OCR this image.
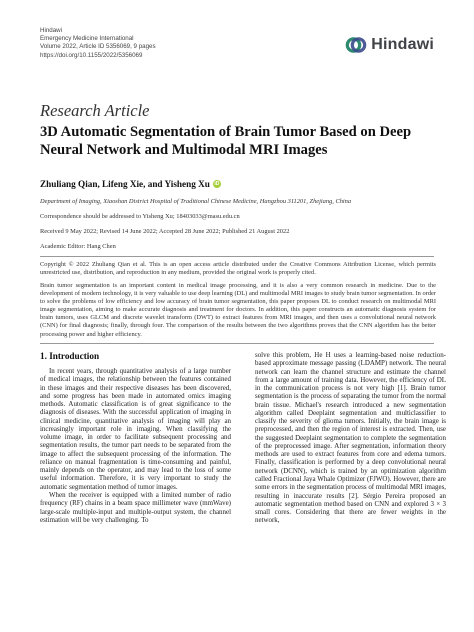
Hindawi
Emergency Medicine International
Volume 2022, Article ID 5356069, 9 pages
https://doi.org/10.1155/2022/5356069
Hindawi
Research Article
3D Automatic Segmentation of Brain Tumor Based on Deep Neural Network and Multimodal MRI Images
Zhuliang Qian, Lifeng Xie, and Yisheng Xu iD
Department of Imaging, Xiaoshan District Hospital of Traditional Chinese Medicine, Hangzhou 311201, Zhejiang, China
Correspondence should be addressed to Yisheng Xu; 18403033@masu.edu.cn
Received 9 May 2022; Revised 14 June 2022; Accepted 28 June 2022; Published 21 August 2022
Academic Editor: Hang Chen
Copyright © 2022 Zhuliang Qian et al. This is an open access article distributed under the Creative Commons Attribution License, which permits unrestricted use, distribution, and reproduction in any medium, provided the original work is properly cited.
Brain tumor segmentation is an important content in medical image processing, and it is also a very common research in medicine. Due to the development of modern technology, it is very valuable to use deep learning (DL) and multimodal MRI images to study brain tumor segmentation. In order to solve the problems of low efficiency and low accuracy of brain tumor segmentation, this paper proposes DL to conduct research on multimodal MRI image segmentation, aiming to make accurate diagnosis and treatment for doctors. In addition, this paper constructs an automatic diagnosis system for brain tumors, uses GLCM and discrete wavelet transform (DWT) to extract features from MRI images, and then uses a convolutional neural network (CNN) for final diagnosis; finally, through four. The comparison of the results between the two algorithms proves that the CNN algorithm has the better processing power and higher efficiency.
1. Introduction

In recent years, through quantitative analysis of a large number of medical images, the relationship between the features contained in these images and their respective diseases has been discovered, and some progress has been made in automated omics imaging methods. Automatic classification is of great significance to the diagnosis of diseases. With the successful application of imaging in clinical medicine, quantitative analysis of imaging will play an increasingly important role in imaging. When classifying the volume image, in order to facilitate subsequent processing and segmentation results, the tumor part needs to be separated from the image to affect the subsequent processing of the information. The reliance on manual fragmentation is time-consuming and painful, mainly depends on the operator, and may lead to the loss of some useful information. Therefore, it is very important to study the automatic segmentation method of tumor images.

When the receiver is equipped with a limited number of radio frequency (RF) chains in a beam space millimeter wave (mmWave) large-scale multiple-input and multiple-output system, the channel estimation will be very challenging. To

solve this problem, He H uses a learning-based noise reduction-based approximate message passing (LDAMP) network. The neural network can learn the channel structure and estimate the channel from a large amount of training data. However, the efficiency of DL in the communication process is not very high [1]. Brain tumor segmentation is the process of separating the tumor from the normal brain tissue. Michael's research introduced a new segmentation algorithm called Deeplaint segmentation and multiclassifier to classify the severity of glioma tumors. Initially, the brain image is preprocessed, and then the region of interest is extracted. Then, use the suggested Deeplaint segmentation to complete the segmentation of the preprocessed image. After segmentation, information theory methods are used to extract features from core and edema tumors. Finally, classification is performed by a deep convolutional neural network (DCNN), which is trained by an optimization algorithm called Fractional Jaya Whale Optimizer (FJWO). However, there are some errors in the segmentation process of multimodal MRI images, resulting in inaccurate results [2]. Sérgio Pereira proposed an automatic segmentation method based on CNN and explored 3 × 3 small cores. Considering that there are fewer weights in the network,
